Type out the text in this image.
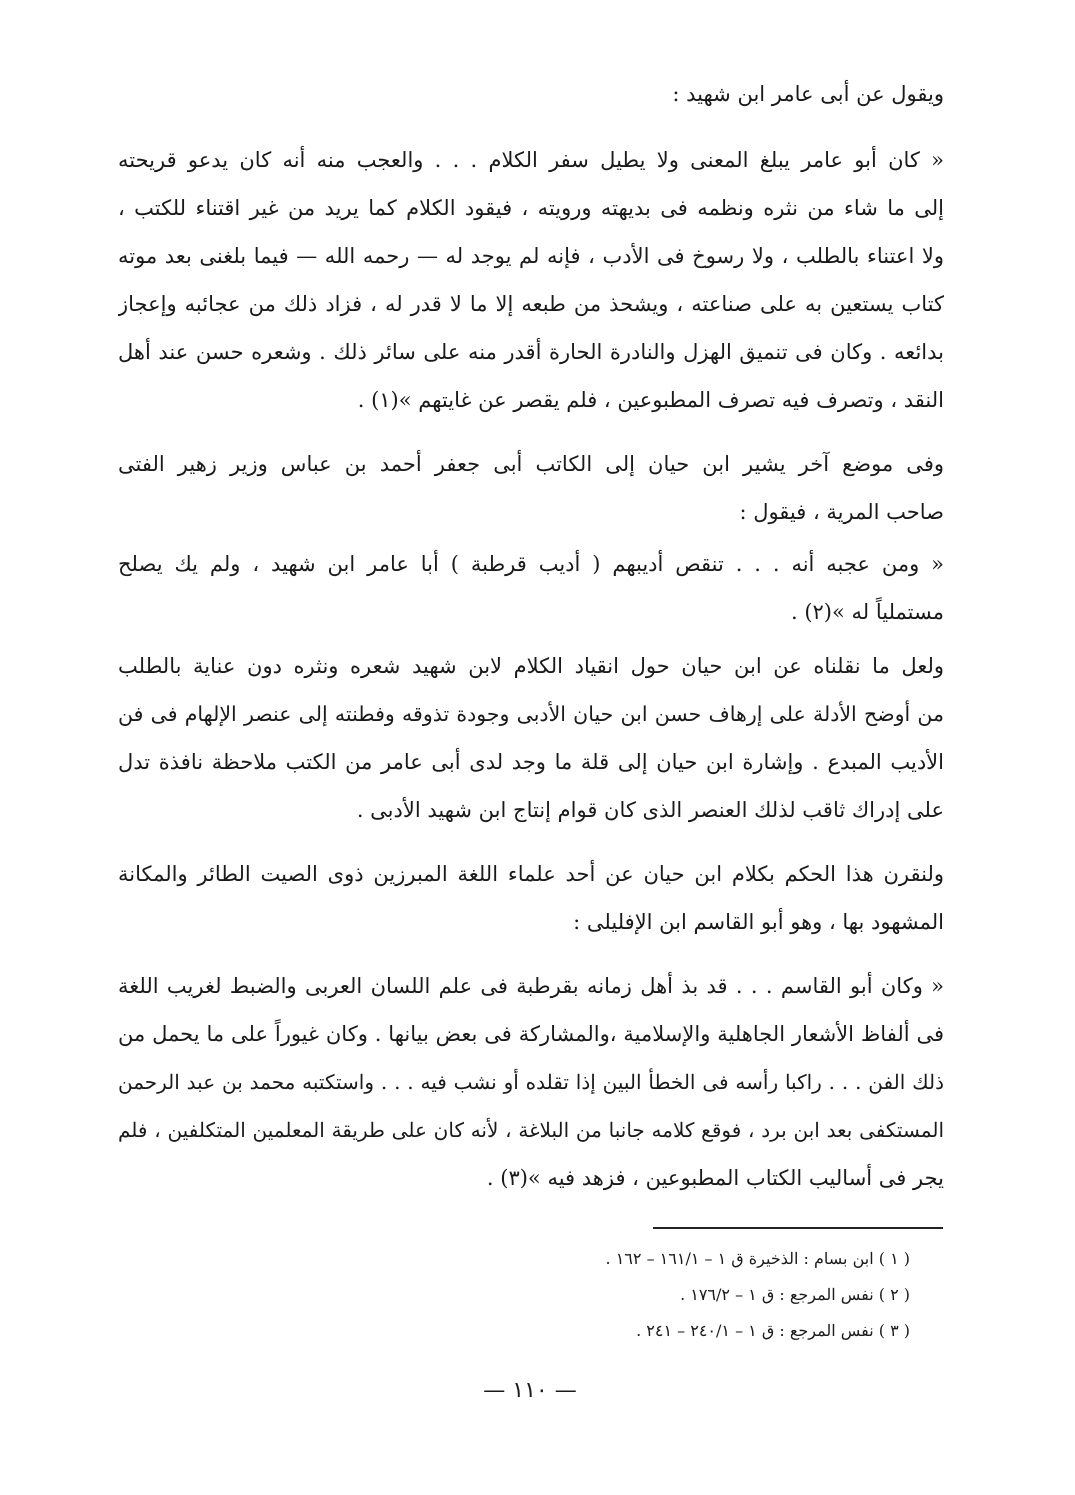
ويقول عن أبى عامر ابن شهيد :
« كان أبو عامر يبلغ المعنى ولا يطيل سفر الكلام . . . والعجب منه أنه كان يدعو قريحته
إلى ما شاء من نثره ونظمه فى بديهته ورويته ، فيقود الكلام كما يريد من غير اقتناء للكتب ،
ولا اعتناء بالطلب ، ولا رسوخ فى الأدب ، فإنه لم يوجد له — رحمه الله — فيما بلغنى بعد موته
كتاب يستعين به على صناعته ، ويشحذ من طبعه إلا ما لا قدر له ، فزاد ذلك من عجائبه وإعجاز
بدائعه . وكان فى تنميق الهزل والنادرة الحارة أقدر منه على سائر ذلك . وشعره حسن عند أهل
النقد ، وتصرف فيه تصرف المطبوعين ، فلم يقصر عن غايتهم »(١) .
وفى موضع آخر يشير ابن حيان إلى الكاتب أبى جعفر أحمد بن عباس وزير زهير الفتى
صاحب المرية ، فيقول :
« ومن عجبه أنه . . . تنقص أديبهم ( أديب قرطبة ) أبا عامر ابن شهيد ، ولم يك يصلح
مستملياً له »(٢) .
ولعل ما نقلناه عن ابن حيان حول انقياد الكلام لابن شهيد شعره ونثره دون عناية بالطلب
من أوضح الأدلة على إرهاف حسن ابن حيان الأدبى وجودة تذوقه وفطنته إلى عنصر الإلهام فى فن
الأديب المبدع . وإشارة ابن حيان إلى قلة ما وجد لدى أبى عامر من الكتب ملاحظة نافذة تدل
على إدراك ثاقب لذلك العنصر الذى كان قوام إنتاج ابن شهيد الأدبى .
ولنقرن هذا الحكم بكلام ابن حيان عن أحد علماء اللغة المبرزين ذوى الصيت الطائر والمكانة
المشهود بها ، وهو أبو القاسم ابن الإفليلى :
« وكان أبو القاسم . . . قد بذ أهل زمانه بقرطبة فى علم اللسان العربى والضبط لغريب اللغة
فى ألفاظ الأشعار الجاهلية والإسلامية ،والمشاركة فى بعض بيانها . وكان غيوراً على ما يحمل من
ذلك الفن . . . راكبا رأسه فى الخطأ البين إذا تقلده أو نشب فيه . . . واستكتبه محمد بن عبد الرحمن
المستكفى بعد ابن برد ، فوقع كلامه جانبا من البلاغة ، لأنه كان على طريقة المعلمين المتكلفين ، فلم
يجر فى أساليب الكتاب المطبوعين ، فزهد فيه »(٣) .
( ١ ) ابن بسام : الذخيرة ق ١ – ١٦١/١ – ١٦٢ .
( ٢ ) نفس المرجع : ق ١ – ١٧٦/٢ .
( ٣ ) نفس المرجع : ق ١ – ٢٤٠/١ – ٢٤١ .
— ١١٠ —
